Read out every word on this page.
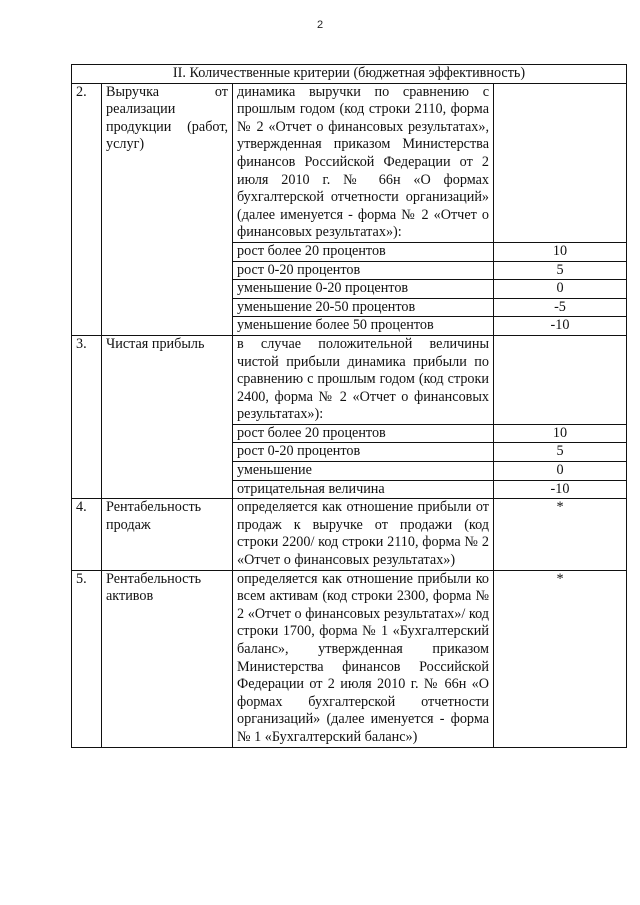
2
II. Количественные критерии (бюджетная эффективность)			
2.	Выручка от реализации продукции (работ, услуг)	динамика выручки по сравнению с прошлым годом (код строки 2110, форма № 2 «Отчет о финансовых результатах», утвержденная приказом Министерства финансов Российской Федерации от 2 июля 2010 г. № 66н «О формах бухгалтерской отчетности организаций» (далее именуется - форма № 2 «Отчет о финансовых результатах»):	
		рост более 20 процентов	10
		рост 0-20 процентов	5
		уменьшение 0-20 процентов	0
		уменьшение 20-50 процентов	-5
		уменьшение более 50 процентов	-10
3.	Чистая прибыль	в случае положительной величины чистой прибыли динамика прибыли по сравнению с прошлым годом (код строки 2400, форма № 2 «Отчет о финансовых результатах»):	
		рост более 20 процентов	10
		рост 0-20 процентов	5
		уменьшение	0
		отрицательная величина	-10
4.	Рентабельность продаж	определяется как отношение прибыли от продаж к выручке от продажи (код строки 2200/ код строки 2110, форма № 2 «Отчет о финансовых результатах»)	*
5.	Рентабельность активов	определяется как отношение прибыли ко всем активам (код строки 2300, форма № 2 «Отчет о финансовых результатах»/ код строки 1700, форма № 1 «Бухгалтерский баланс», утвержденная приказом Министерства финансов Российской Федерации от 2 июля 2010 г. № 66н «О формах бухгалтерской отчетности организаций» (далее именуется - форма № 1 «Бухгалтерский баланс»)	*
